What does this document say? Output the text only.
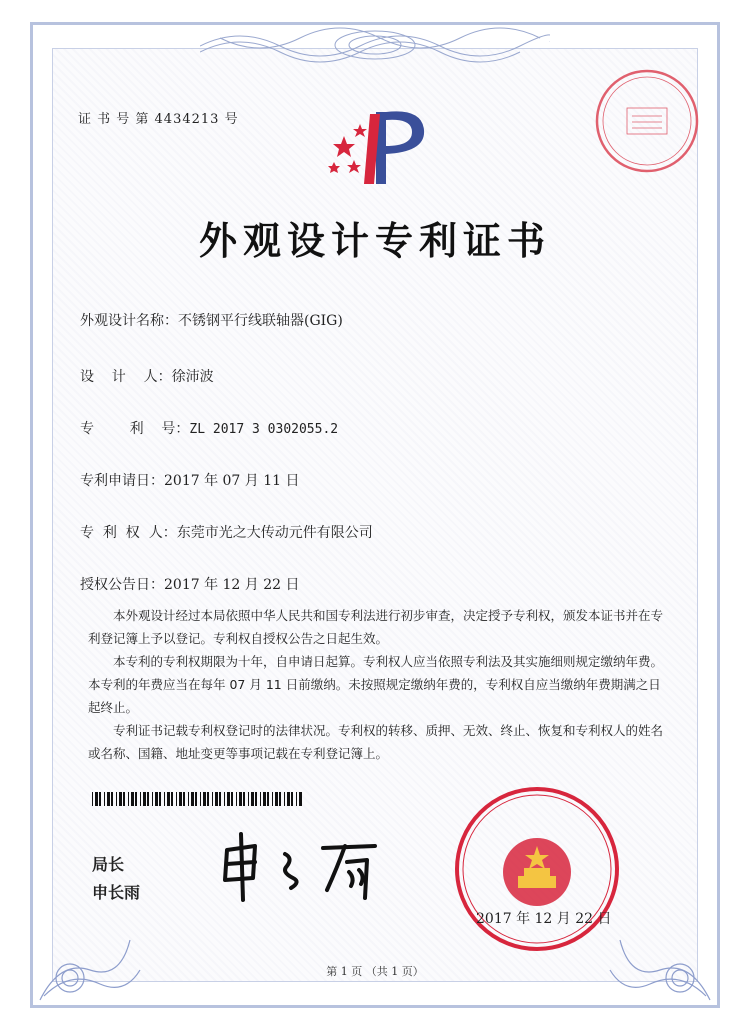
证 书 号 第 4434213 号
外观设计专利证书
外观设计名称：不锈钢平行线联轴器(GIG)
设    计    人：徐沛波
专        利    号：ZL 2017 3 0302055.2
专利申请日：2017 年 07 月 11 日
专  利  权  人：东莞市光之大传动元件有限公司
授权公告日：2017 年 12 月 22 日

本外观设计经过本局依照中华人民共和国专利法进行初步审查，决定授予专利权，颁发本证书并在专利登记簿上予以登记。专利权自授权公告之日起生效。

本专利的专利权期限为十年，自申请日起算。专利权人应当依照专利法及其实施细则规定缴纳年费。本专利的年费应当在每年 07 月 11 日前缴纳。未按照规定缴纳年费的，专利权自应当缴纳年费期满之日起终止。

专利证书记载专利权登记时的法律状况。专利权的转移、质押、无效、终止、恢复和专利权人的姓名或名称、国籍、地址变更等事项记载在专利登记簿上。

局长
申长雨
2017 年 12 月 22 日
第 1 页 （共 1 页）
